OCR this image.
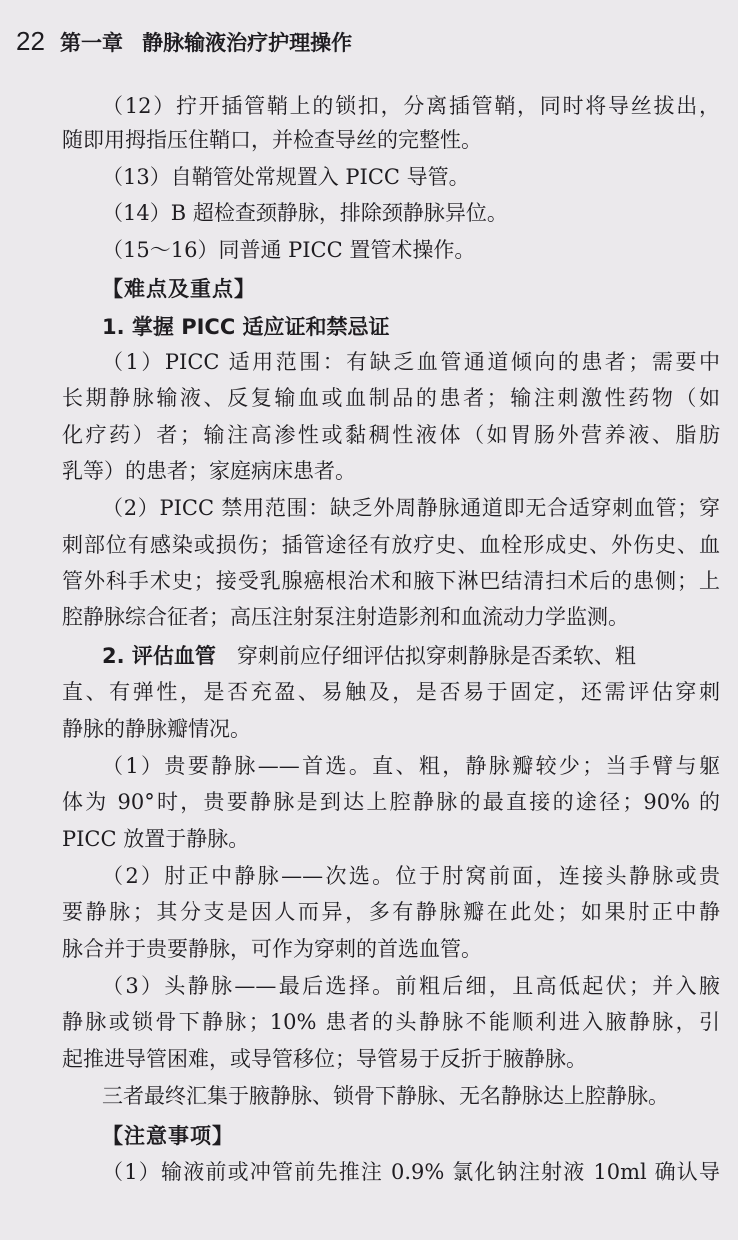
22 第一章 静脉输液治疗护理操作
（12）拧开插管鞘上的锁扣，分离插管鞘，同时将导丝拔出，
随即用拇指压住鞘口，并检查导丝的完整性。
（13）自鞘管处常规置入 PICC 导管。
（14）B 超检查颈静脉，排除颈静脉异位。
（15～16）同普通 PICC 置管术操作。
【难点及重点】
1. 掌握 PICC 适应证和禁忌证
（1）PICC 适用范围：有缺乏血管通道倾向的患者；需要中
长期静脉输液、反复输血或血制品的患者；输注刺激性药物（如
化疗药）者；输注高渗性或黏稠性液体（如胃肠外营养液、脂肪
乳等）的患者；家庭病床患者。
（2）PICC 禁用范围：缺乏外周静脉通道即无合适穿刺血管；穿
刺部位有感染或损伤；插管途径有放疗史、血栓形成史、外伤史、血
管外科手术史；接受乳腺癌根治术和腋下淋巴结清扫术后的患侧；上
腔静脉综合征者；高压注射泵注射造影剂和血流动力学监测。
2. 评估血管  穿刺前应仔细评估拟穿刺静脉是否柔软、粗
直、有弹性，是否充盈、易触及，是否易于固定，还需评估穿刺
静脉的静脉瓣情况。
（1）贵要静脉——首选。直、粗，静脉瓣较少；当手臂与躯
体为 90°时，贵要静脉是到达上腔静脉的最直接的途径；90% 的
PICC 放置于静脉。
（2）肘正中静脉——次选。位于肘窝前面，连接头静脉或贵
要静脉；其分支是因人而异，多有静脉瓣在此处；如果肘正中静
脉合并于贵要静脉，可作为穿刺的首选血管。
（3）头静脉——最后选择。前粗后细，且高低起伏；并入腋
静脉或锁骨下静脉；10% 患者的头静脉不能顺利进入腋静脉，引
起推进导管困难，或导管移位；导管易于反折于腋静脉。
三者最终汇集于腋静脉、锁骨下静脉、无名静脉达上腔静脉。
【注意事项】
（1）输液前或冲管前先推注 0.9% 氯化钠注射液 10ml 确认导
